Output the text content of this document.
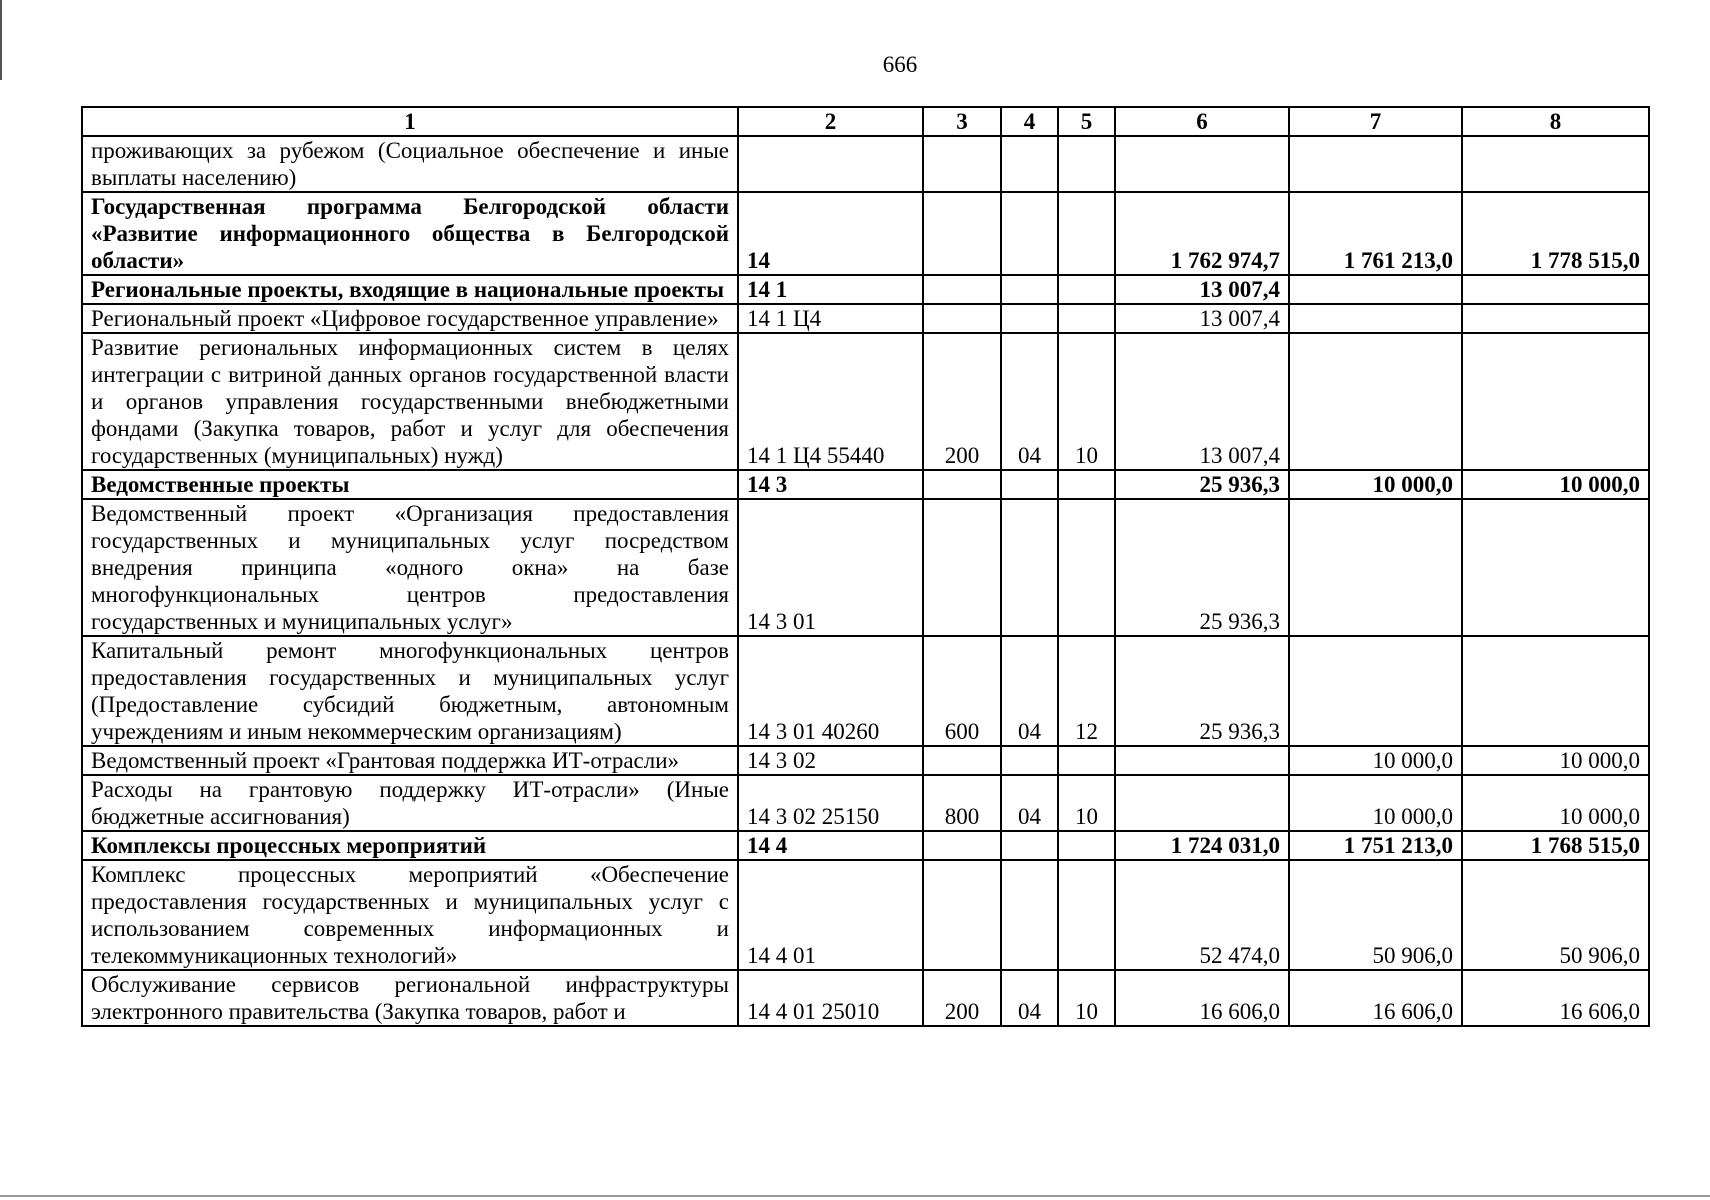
666
1	2	3	4	5	6	7	8
проживающих за рубежом (Социальное обеспечение и иные выплаты населению)							
Государственная программа Белгородской области «Развитие информационного общества в Белгородской области»	14				1 762 974,7	1 761 213,0	1 778 515,0
Региональные проекты, входящие в национальные проекты	14 1				13 007,4		
Региональный проект «Цифровое государственное управление»	14 1 Ц4				13 007,4		
Развитие региональных информационных систем в целях интеграции с витриной данных органов государственной власти и органов управления государственными внебюджетными фондами (Закупка товаров, работ и услуг для обеспечения государственных (муниципальных) нужд)	14 1 Ц4 55440	200	04	10	13 007,4		
Ведомственные проекты	14 3				25 936,3	10 000,0	10 000,0
Ведомственный проект «Организация предоставления государственных и муниципальных услуг посредством внедрения принципа «одного окна» на базе многофункциональных центров предоставления государственных и муниципальных услуг»	14 3 01				25 936,3		
Капитальный ремонт многофункциональных центров предоставления государственных и муниципальных услуг (Предоставление субсидий бюджетным, автономным учреждениям и иным некоммерческим организациям)	14 3 01 40260	600	04	12	25 936,3		
Ведомственный проект «Грантовая поддержка ИТ-отрасли»	14 3 02					10 000,0	10 000,0
Расходы на грантовую поддержку ИТ-отрасли» (Иные бюджетные ассигнования)	14 3 02 25150	800	04	10		10 000,0	10 000,0
Комплексы процессных мероприятий	14 4				1 724 031,0	1 751 213,0	1 768 515,0
Комплекс процессных мероприятий «Обеспечение предоставления государственных и муниципальных услуг с использованием современных информационных и телекоммуникационных технологий»	14 4 01				52 474,0	50 906,0	50 906,0
Обслуживание сервисов региональной инфраструктуры электронного правительства (Закупка товаров, работ и	14 4 01 25010	200	04	10	16 606,0	16 606,0	16 606,0
